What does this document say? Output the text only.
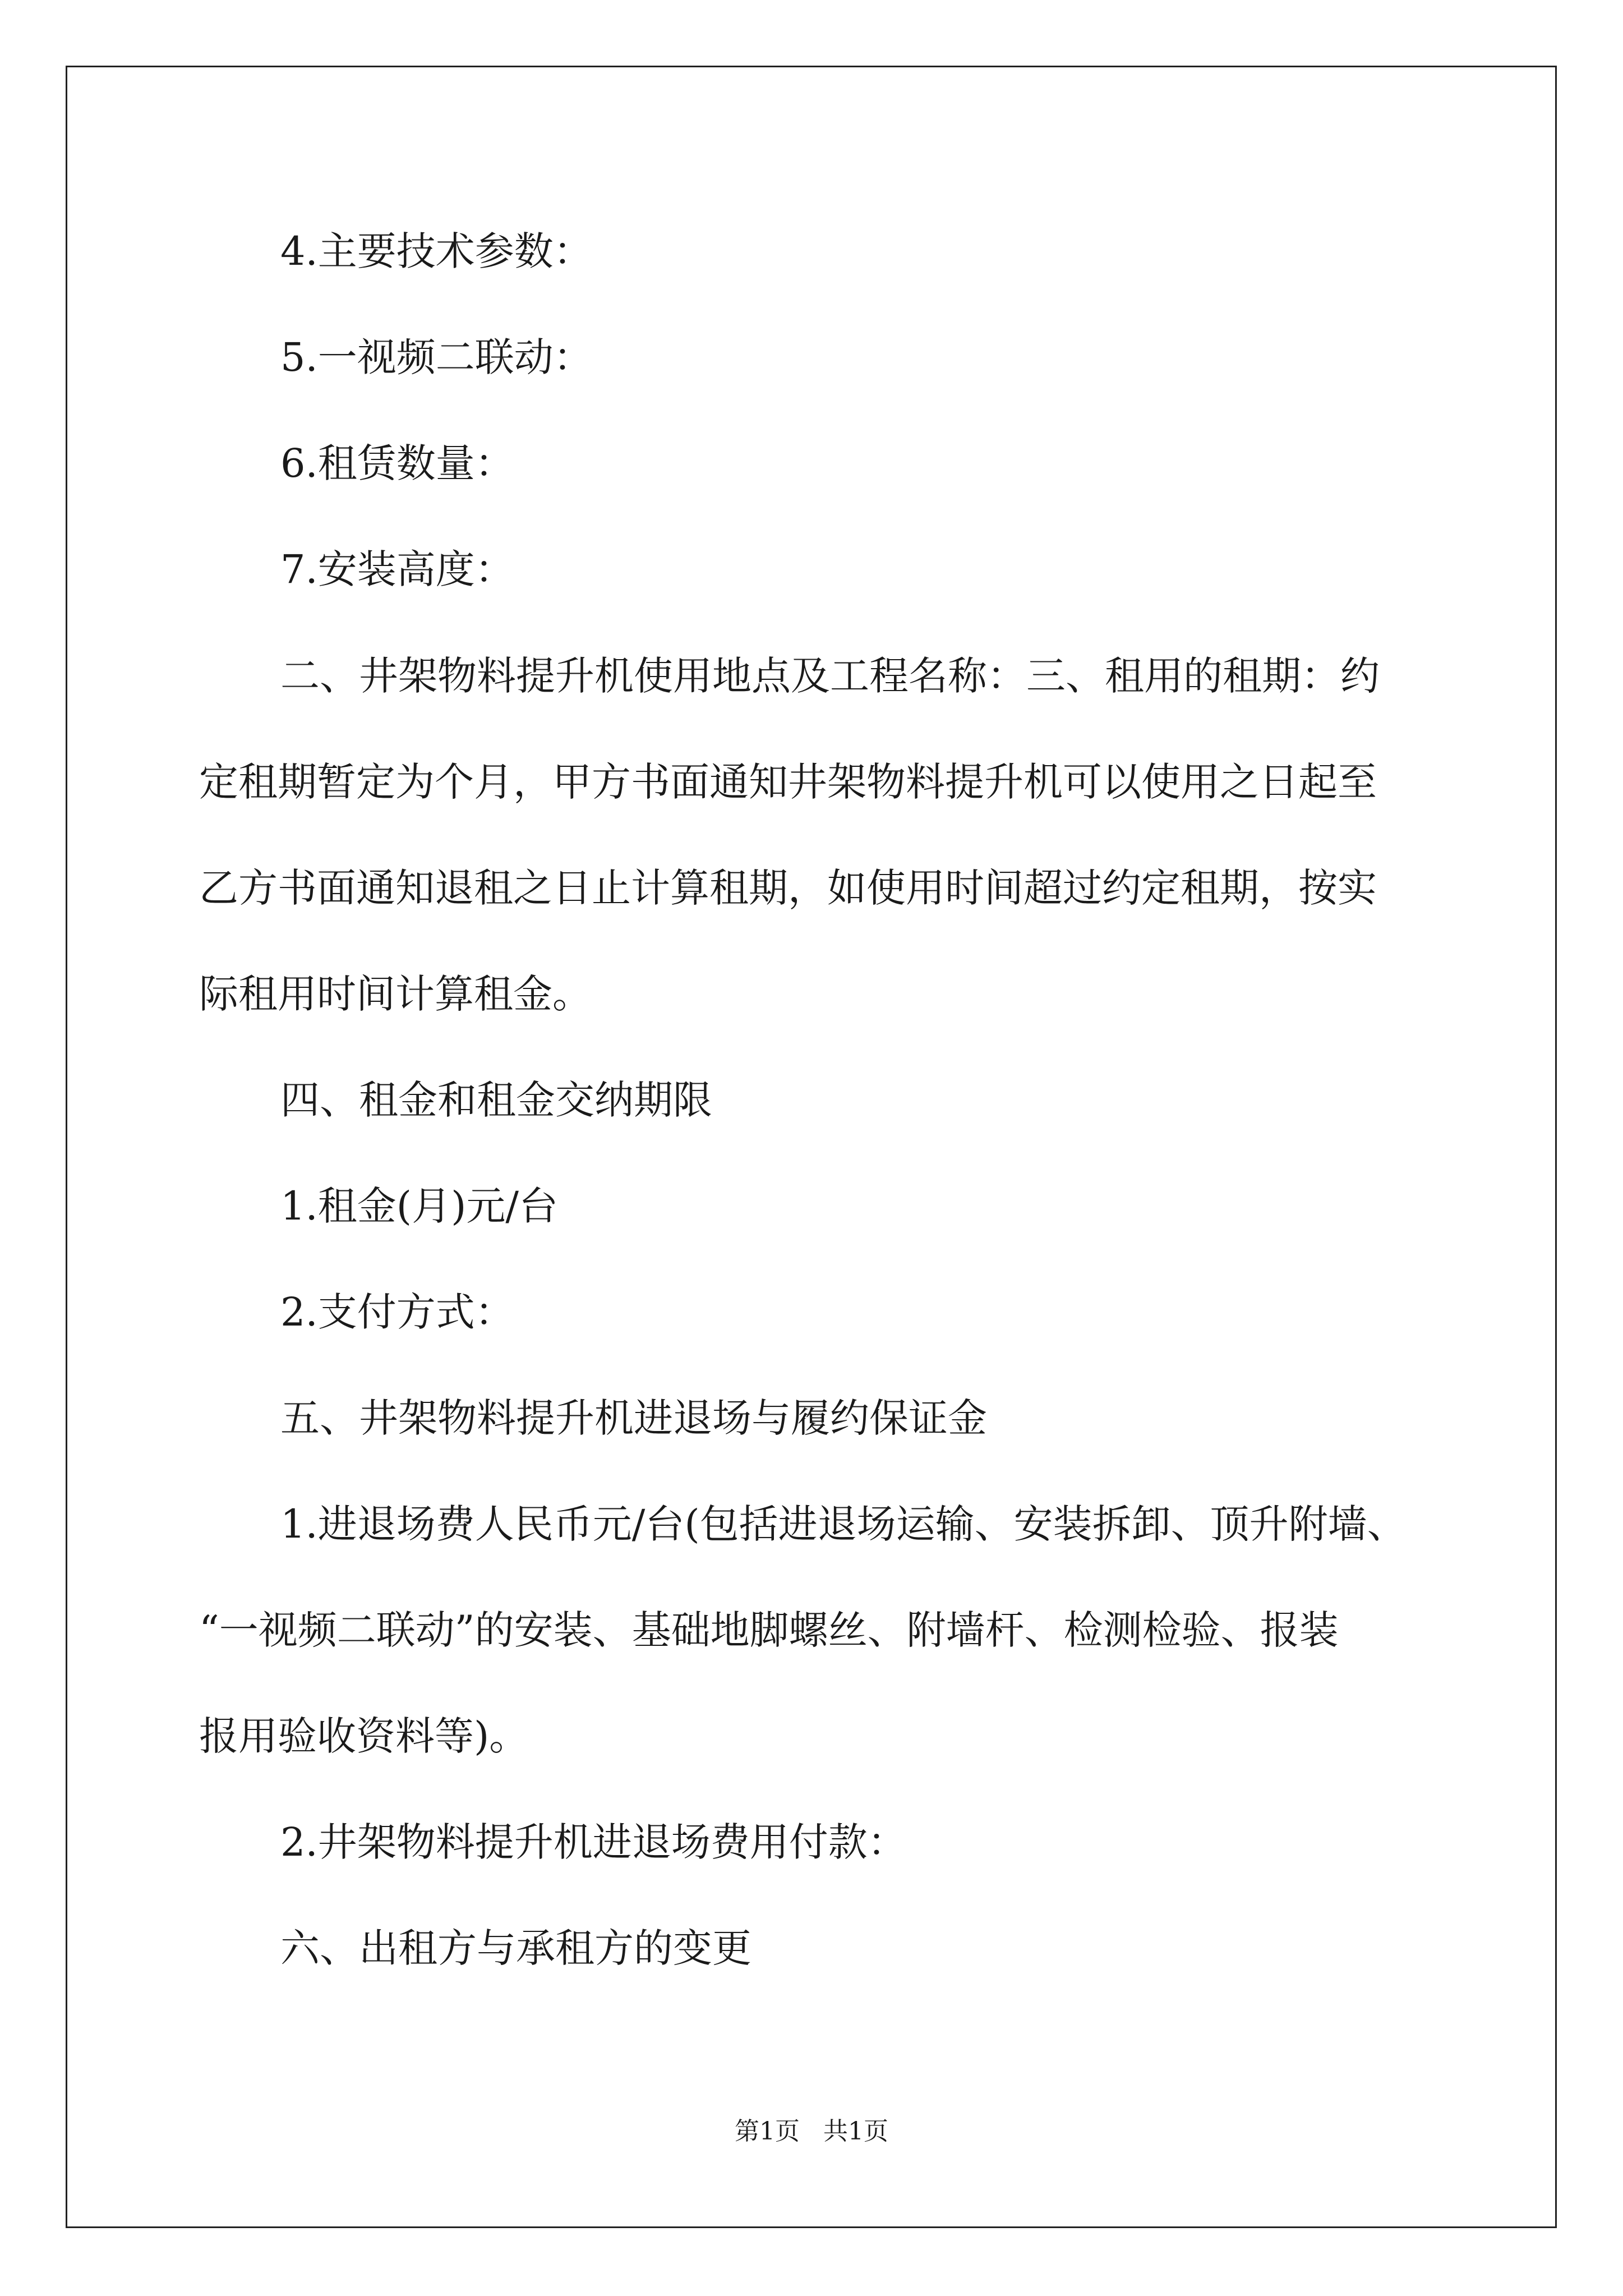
4.主要技术参数：

5.一视频二联动：

6.租赁数量：

7.安装高度：

二、井架物料提升机使用地点及工程名称：三、租用的租期：约

定租期暂定为个月，甲方书面通知井架物料提升机可以使用之日起至

乙方书面通知退租之日止计算租期，如使用时间超过约定租期，按实

际租用时间计算租金。

四、租金和租金交纳期限

1.租金(月)元/台

2.支付方式：

五、井架物料提升机进退场与履约保证金

1.进退场费人民币元/台(包括进退场运输、安装拆卸、顶升附墙、

“一视频二联动”的安装、基础地脚螺丝、附墙杆、检测检验、报装

报用验收资料等)。

2.井架物料提升机进退场费用付款：

六、出租方与承租方的变更

第1页   共1页
